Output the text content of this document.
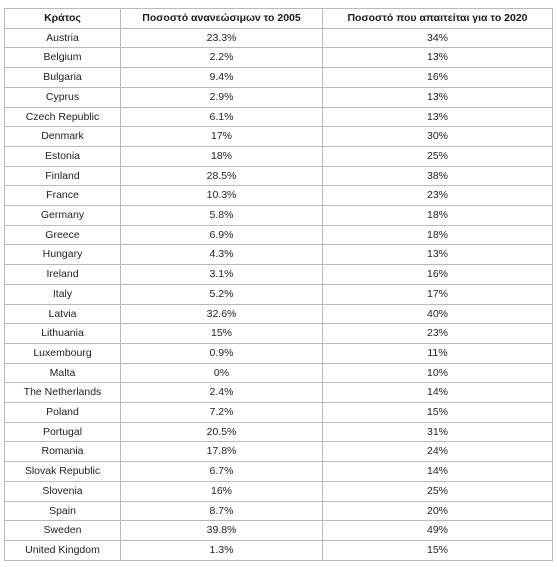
Κράτος	Ποσοστό ανανεώσιμων το 2005	Ποσοστό που απαιτείται για το 2020
Austria	23.3%	34%
Belgium	2.2%	13%
Bulgaria	9.4%	16%
Cyprus	2.9%	13%
Czech Republic	6.1%	13%
Denmark	17%	30%
Estonia	18%	25%
Finland	28.5%	38%
France	10.3%	23%
Germany	5.8%	18%
Greece	6.9%	18%
Hungary	4.3%	13%
Ireland	3.1%	16%
Italy	5.2%	17%
Latvia	32.6%	40%
Lithuania	15%	23%
Luxembourg	0.9%	11%
Malta	0%	10%
The Netherlands	2.4%	14%
Poland	7.2%	15%
Portugal	20.5%	31%
Romania	17.8%	24%
Slovak Republic	6.7%	14%
Slovenia	16%	25%
Spain	8.7%	20%
Sweden	39.8%	49%
United Kingdom	1.3%	15%
